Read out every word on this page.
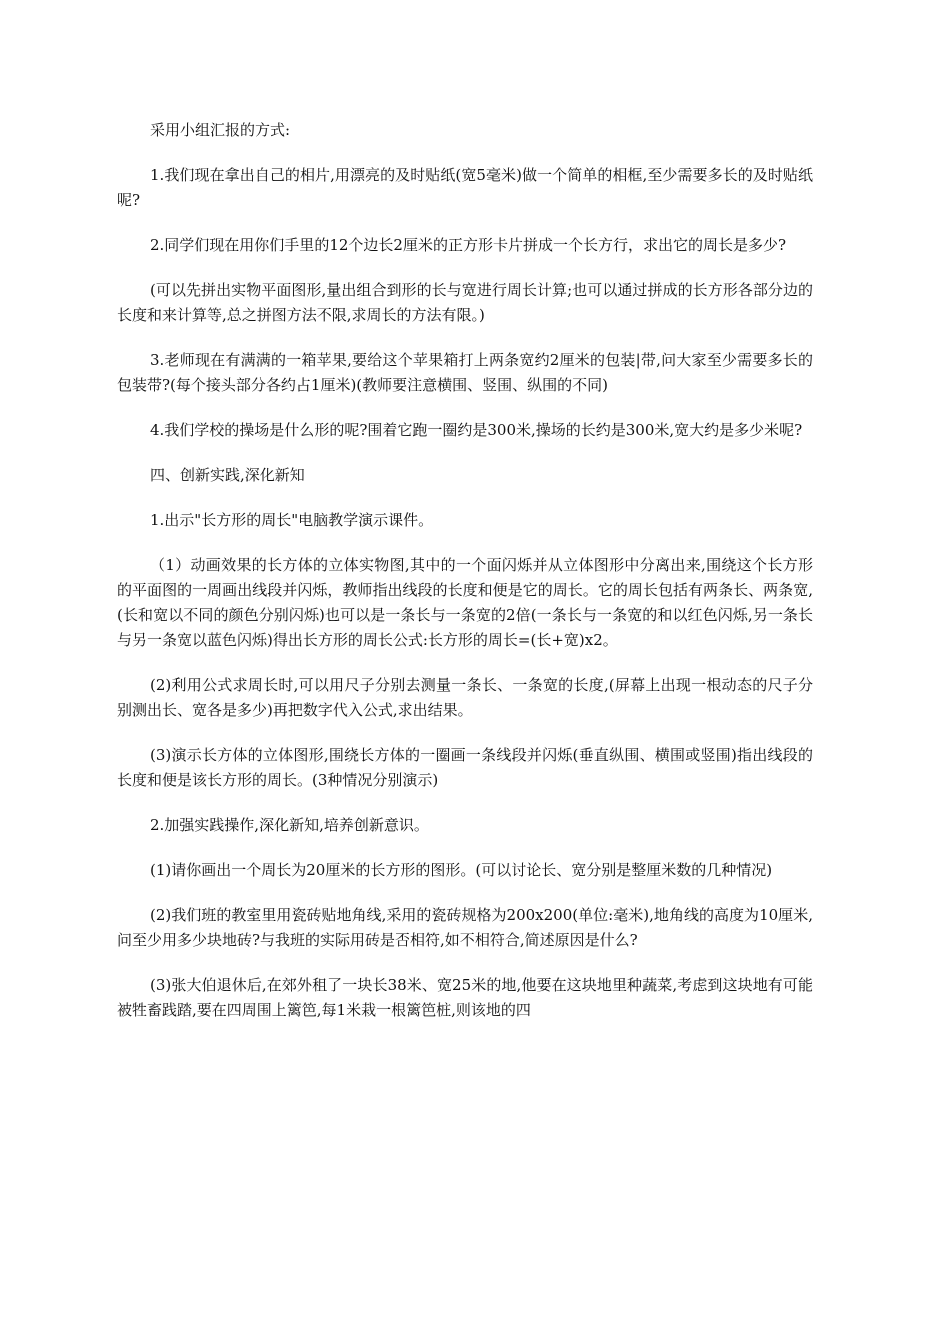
采用小组汇报的方式:

1.我们现在拿出自己的相片,用漂亮的及时贴纸(宽5毫米)做一个简单的相框,至少需要多长的及时贴纸呢?

2.同学们现在用你们手里的12个边长2厘米的正方形卡片拼成一个长方行，求出它的周长是多少?

(可以先拼出实物平面图形,量出组合到形的长与宽进行周长计算;也可以通过拼成的长方形各部分边的长度和来计算等,总之拼图方法不限,求周长的方法有限。)

3.老师现在有满满的一箱苹果,要给这个苹果箱打上两条宽约2厘米的包装|带,问大家至少需要多长的包装带?(每个接头部分各约占1厘米)(教师要注意横围、竖围、纵围的不同)

4.我们学校的操场是什么形的呢?围着它跑一圈约是300米,操场的长约是300米,宽大约是多少米呢?

四、创新实践,深化新知

1.出示"长方形的周长"电脑教学演示课件。

（1）动画效果的长方体的立体实物图,其中的一个面闪烁并从立体图形中分离出来,围绕这个长方形的平面图的一周画出线段并闪烁，教师指出线段的长度和便是它的周长。它的周长包括有两条长、两条宽,(长和宽以不同的颜色分别闪烁)也可以是一条长与一条宽的2倍(一条长与一条宽的和以红色闪烁,另一条长与另一条宽以蓝色闪烁)得出长方形的周长公式:长方形的周长=(长+宽)x2。

(2)利用公式求周长时,可以用尺子分别去测量一条长、一条宽的长度,(屏幕上出现一根动态的尺子分别测出长、宽各是多少)再把数字代入公式,求出结果。

(3)演示长方体的立体图形,围绕长方体的一圈画一条线段并闪烁(垂直纵围、横围或竖围)指出线段的长度和便是该长方形的周长。(3种情况分别演示)

2.加强实践操作,深化新知,培养创新意识。

(1)请你画出一个周长为20厘米的长方形的图形。(可以讨论长、宽分别是整厘米数的几种情况)

(2)我们班的教室里用瓷砖贴地角线,采用的瓷砖规格为200x200(单位:毫米),地角线的高度为10厘米,问至少用多少块地砖?与我班的实际用砖是否相符,如不相符合,简述原因是什么?

(3)张大伯退休后,在郊外租了一块长38米、宽25米的地,他要在这块地里种蔬菜,考虑到这块地有可能被牲畜践踏,要在四周围上篱笆,每1米栽一根篱笆桩,则该地的四
